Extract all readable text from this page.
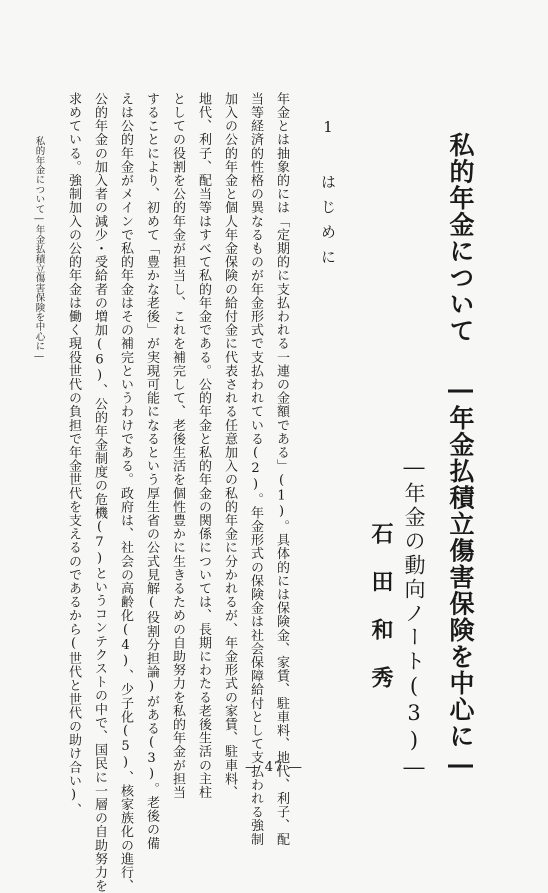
私的年金について ―年金払積立傷害保険を中心に―
―年金の動向ノート(3)―
石田和秀
1 はじめに
年金とは抽象的には「定期的に支払われる一連の金額である」(1)。具体的には保険金、家賃、駐車料、地代、利子、配
当等経済的性格の異なるものが年金形式で支払われている(2)。年金形式の保険金は社会保障給付として支払われる強制
加入の公的年金と個人年金保険の給付金に代表される任意加入の私的年金に分かれるが、年金形式の家賃、駐車料、
地代、利子、配当等はすべて私的年金である。公的年金と私的年金の関係については、長期にわたる老後生活の主柱
としての役割を公的年金が担当し、これを補完して、老後生活を個性豊かに生きるための自助努力を私的年金が担当
することにより、初めて「豊かな老後」が実現可能になるという厚生省の公式見解(役割分担論)がある(3)。老後の備
えは公的年金がメインで私的年金はその補完というわけである。政府は、社会の高齢化(4)、少子化(5)、核家族化の進行、
公的年金の加入者の減少・受給者の増加(6)、公的年金制度の危機(7)というコンテクストの中で、国民に一層の自助努力を
求めている。強制加入の公的年金は働く現役世代の負担で年金世代を支えるのであるから(世代と世代の助け合い)、
私的年金について―年金払積立傷害保険を中心に―
― 47 ―
